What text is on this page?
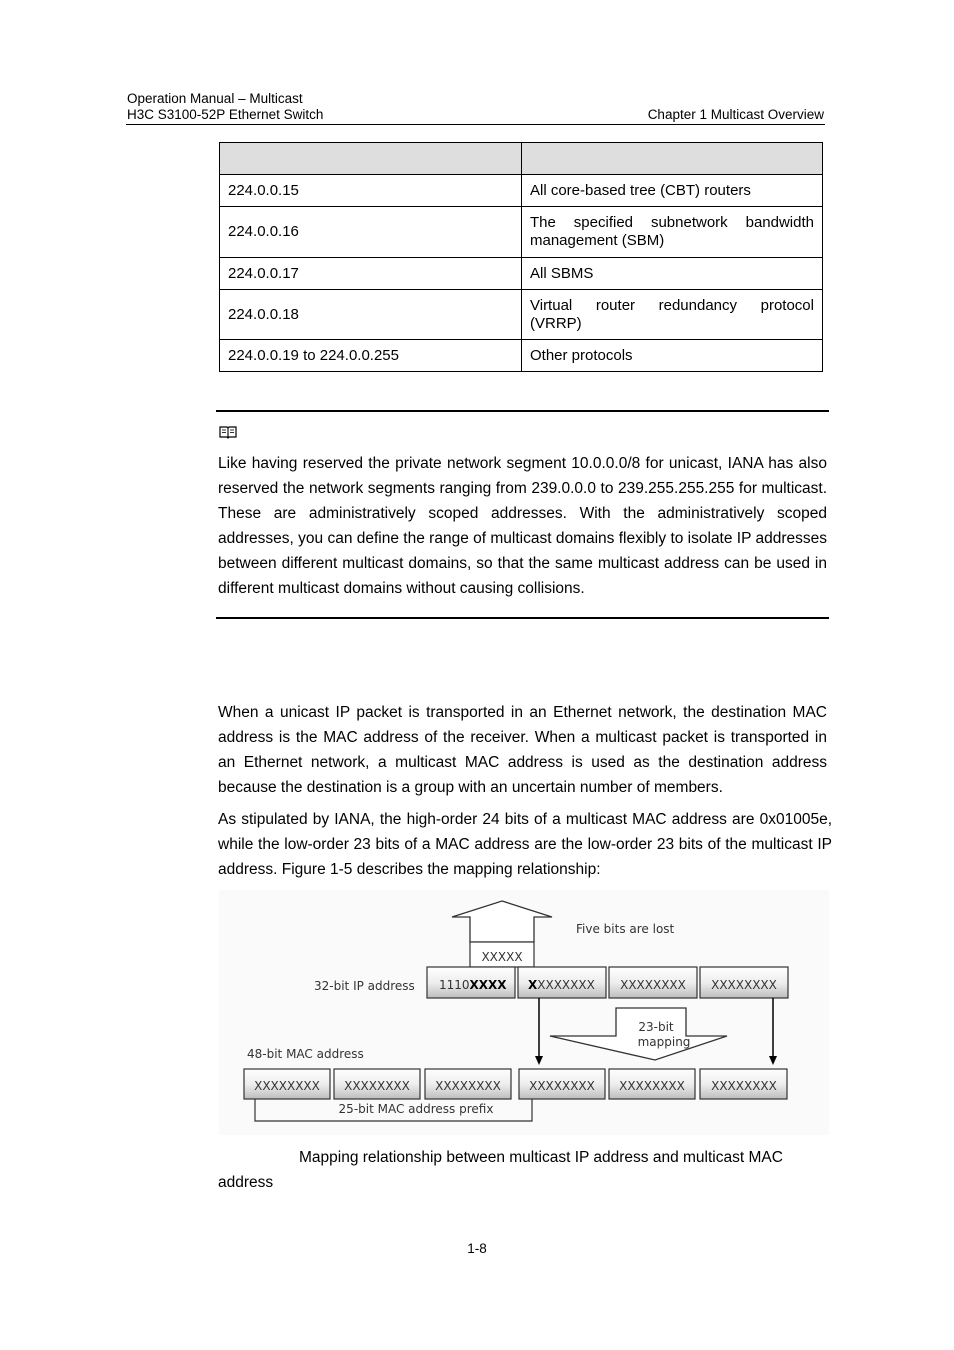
Operation Manual – Multicast
H3C S3100-52P Ethernet Switch	Chapter 1 Multicast Overview

224.0.0.15	All core-based tree (CBT) routers
224.0.0.16	The specified subnetwork bandwidth
management (SBM)

224.0.0.17	All SBMS
224.0.0.18	Virtual router redundancy protocol
(VRRP)

224.0.0.19 to 224.0.0.255	Other protocols

Like having reserved the private network segment 10.0.0.0/8 for unicast, IANA has also reserved the network segments ranging from 239.0.0.0 to 239.255.255.255 for multicast. These are administratively scoped addresses. With the administratively scoped addresses, you can define the range of multicast domains flexibly to isolate IP addresses between different multicast domains, so that the same multicast address can be used in different multicast domains without causing collisions.

When a unicast IP packet is transported in an Ethernet network, the destination MAC address is the MAC address of the receiver. When a multicast packet is transported in an Ethernet network, a multicast MAC address is used as the destination address because the destination is a group with an uncertain number of members.

As stipulated by IANA, the high-order 24 bits of a multicast MAC address are 0x01005e, while the low-order 23 bits of a MAC address are the low-order 23 bits of the multicast IP address. Figure 1-5 describes the mapping relationship:

XXXXX
Five bits are lost
32-bit IP address 1110XXXX XXXXXXXX XXXXXXXX XXXXXXXX
23-bit
mapping
48-bit MAC address
XXXXXXXX XXXXXXXX XXXXXXXX XXXXXXXX XXXXXXXX XXXXXXXX
25-bit MAC address prefix

Mapping relationship between multicast IP address and multicast MAC address

1-8
